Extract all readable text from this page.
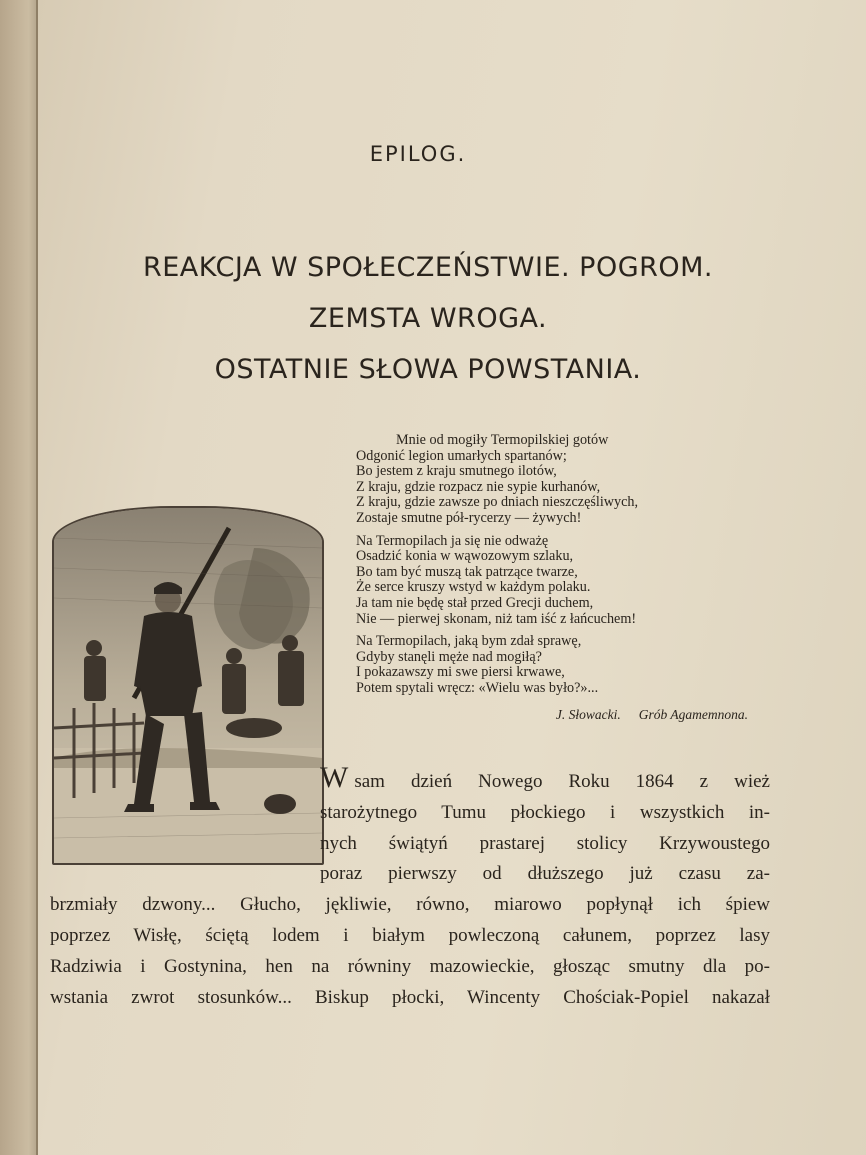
EPILOG.
REAKCJA W SPOŁECZEŃSTWIE. POGROM.
ZEMSTA WROGA.
OSTATNIE SŁOWA POWSTANIA.
Mnie od mogiły Termopilskiej gotów
Odgonić legion umarłych spartanów;
Bo jestem z kraju smutnego ilotów,
Z kraju, gdzie rozpacz nie sypie kurhanów,
Z kraju, gdzie zawsze po dniach nieszczęśliwych,
Zostaje smutne pół-rycerzy — żywych!
Na Termopilach ja się nie odważę
Osadzić konia w wąwozowym szlaku,
Bo tam być muszą tak patrzące twarze,
Że serce kruszy wstyd w każdym polaku.
Ja tam nie będę stał przed Grecji duchem,
Nie — pierwej skonam, niż tam iść z łańcuchem!
Na Termopilach, jaką bym zdał sprawę,
Gdyby stanęli męże nad mogiłą?
I pokazawszy mi swe piersi krwawe,
Potem spytali wręcz: «Wielu was było?»...
J. Słowacki. Grób Agamemnona.
Wsam dzień Nowego Roku 1864 z wież
starożytnego Tumu płockiego i wszystkich in-
nych świątyń prastarej stolicy Krzywoustego
poraz pierwszy od dłuższego już czasu za-
brzmiały dzwony... Głucho, jękliwie, równo, miarowo popłynął ich śpiew
poprzez Wisłę, ściętą lodem i białym powleczoną całunem, poprzez lasy
Radziwia i Gostynina, hen na równiny mazowieckie, głosząc smutny dla po-
wstania zwrot stosunków... Biskup płocki, Wincenty Chościak-Popiel nakazał
